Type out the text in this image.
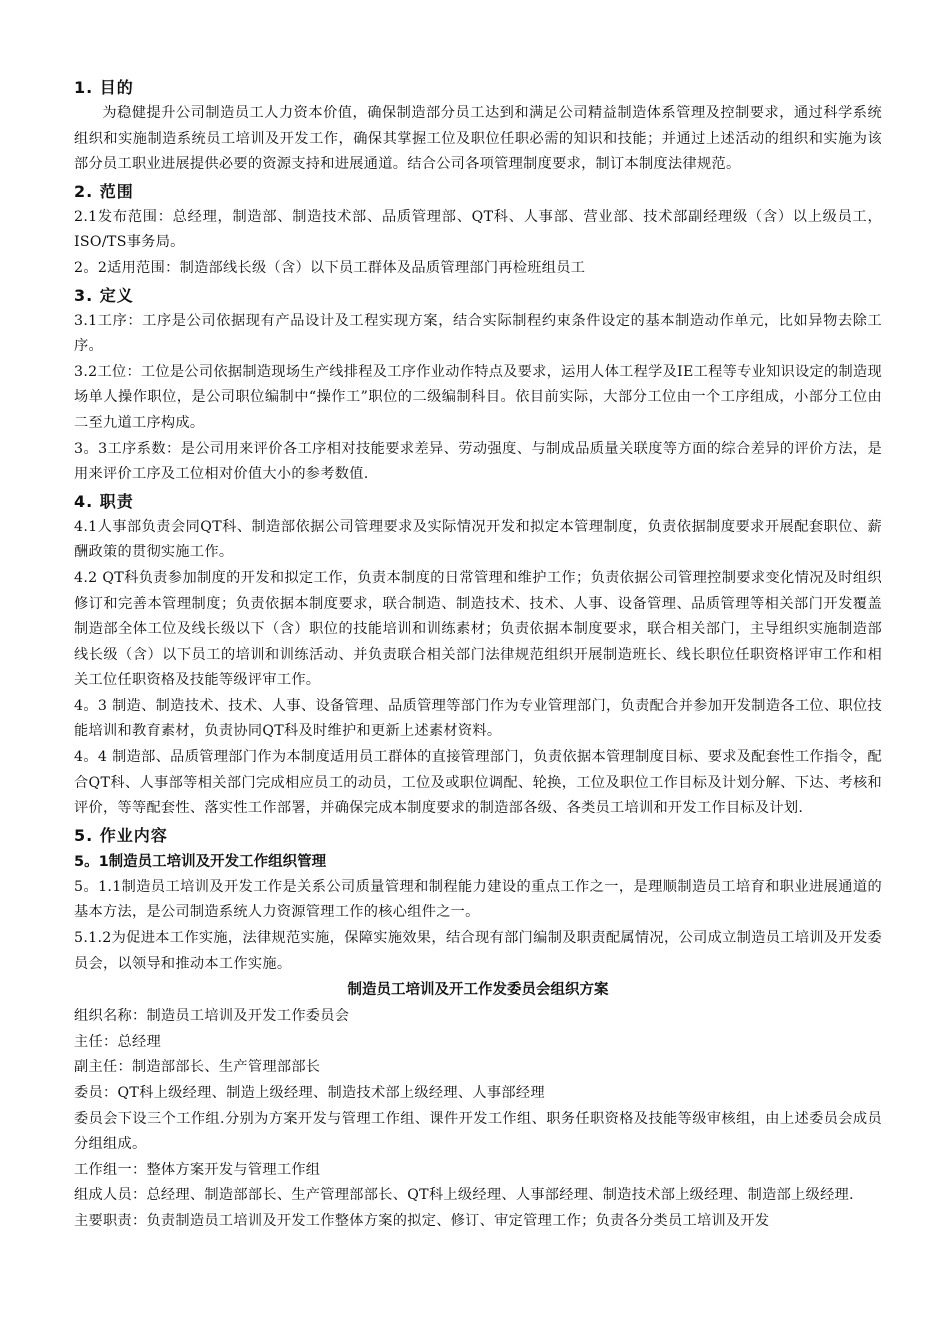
1. 目的

为稳健提升公司制造员工人力资本价值，确保制造部分员工达到和满足公司精益制造体系管理及控制要求，通过科学系统组织和实施制造系统员工培训及开发工作，确保其掌握工位及职位任职必需的知识和技能；并通过上述活动的组织和实施为该部分员工职业进展提供必要的资源支持和进展通道。结合公司各项管理制度要求，制订本制度法律规范。

2. 范围

2.1发布范围：总经理，制造部、制造技术部、品质管理部、QT科、人事部、营业部、技术部副经理级（含）以上级员工，ISO/TS事务局。

2。2适用范围：制造部线长级（含）以下员工群体及品质管理部门再检班组员工

3. 定义

3.1工序：工序是公司依据现有产品设计及工程实现方案，结合实际制程约束条件设定的基本制造动作单元，比如异物去除工序。

3.2工位：工位是公司依据制造现场生产线排程及工序作业动作特点及要求，运用人体工程学及IE工程等专业知识设定的制造现场单人操作职位，是公司职位编制中“操作工”职位的二级编制科目。依目前实际，大部分工位由一个工序组成，小部分工位由二至九道工序构成。

3。3工序系数：是公司用来评价各工序相对技能要求差异、劳动强度、与制成品质量关联度等方面的综合差异的评价方法，是用来评价工序及工位相对价值大小的参考数值.

4. 职责

4.1人事部负责会同QT科、制造部依据公司管理要求及实际情况开发和拟定本管理制度，负责依据制度要求开展配套职位、薪酬政策的贯彻实施工作。

4.2 QT科负责参加制度的开发和拟定工作，负责本制度的日常管理和维护工作；负责依据公司管理控制要求变化情况及时组织修订和完善本管理制度；负责依据本制度要求，联合制造、制造技术、技术、人事、设备管理、品质管理等相关部门开发覆盖制造部全体工位及线长级以下（含）职位的技能培训和训练素材；负责依据本制度要求，联合相关部门，主导组织实施制造部线长级（含）以下员工的培训和训练活动、并负责联合相关部门法律规范组织开展制造班长、线长职位任职资格评审工作和相关工位任职资格及技能等级评审工作。

4。3 制造、制造技术、技术、人事、设备管理、品质管理等部门作为专业管理部门，负责配合并参加开发制造各工位、职位技能培训和教育素材，负责协同QT科及时维护和更新上述素材资料。

4。4 制造部、品质管理部门作为本制度适用员工群体的直接管理部门，负责依据本管理制度目标、要求及配套性工作指令，配合QT科、人事部等相关部门完成相应员工的动员，工位及或职位调配、轮换，工位及职位工作目标及计划分解、下达、考核和评价，等等配套性、落实性工作部署，并确保完成本制度要求的制造部各级、各类员工培训和开发工作目标及计划.

5. 作业内容

5。1制造员工培训及开发工作组织管理

5。1.1制造员工培训及开发工作是关系公司质量管理和制程能力建设的重点工作之一，是理顺制造员工培育和职业进展通道的基本方法，是公司制造系统人力资源管理工作的核心组件之一。

5.1.2为促进本工作实施，法律规范实施，保障实施效果，结合现有部门编制及职责配属情况，公司成立制造员工培训及开发委员会，以领导和推动本工作实施。

制造员工培训及开工作发委员会组织方案

组织名称：制造员工培训及开发工作委员会

主任：总经理

副主任：制造部部长、生产管理部部长

委员：QT科上级经理、制造上级经理、制造技术部上级经理、人事部经理

委员会下设三个工作组.分别为方案开发与管理工作组、课件开发工作组、职务任职资格及技能等级审核组，由上述委员会成员分组组成。

工作组一：整体方案开发与管理工作组

组成人员：总经理、制造部部长、生产管理部部长、QT科上级经理、人事部经理、制造技术部上级经理、制造部上级经理.

主要职责：负责制造员工培训及开发工作整体方案的拟定、修订、审定管理工作；负责各分类员工培训及开发
